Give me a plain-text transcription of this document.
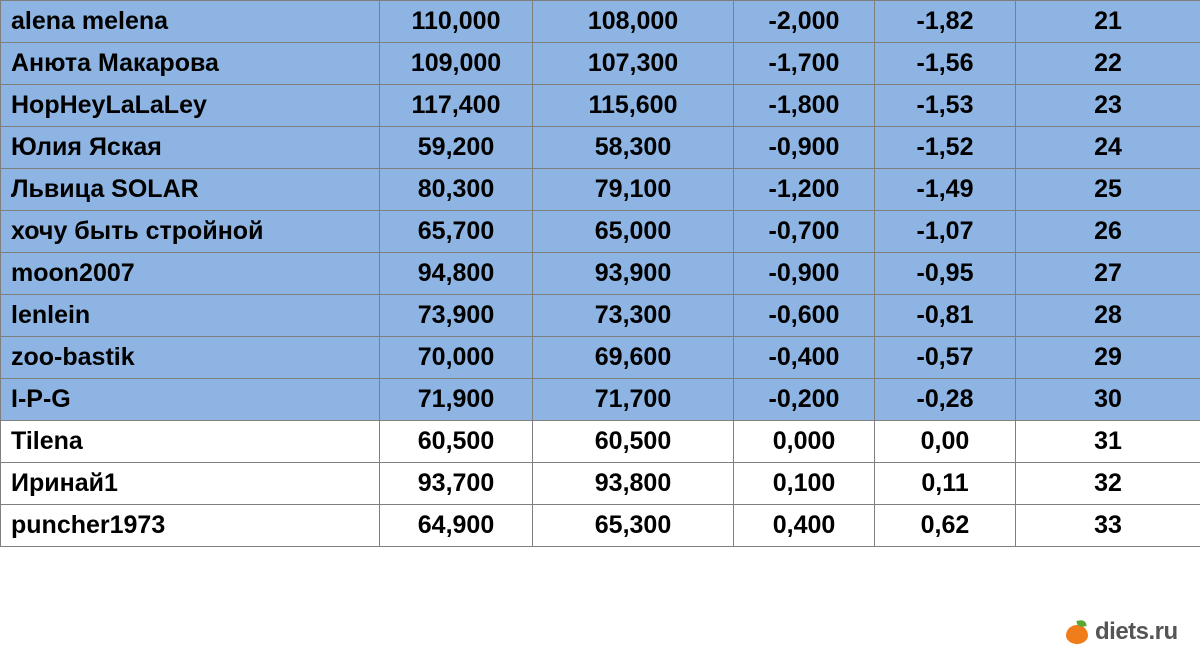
alena melena	110,000	108,000	-2,000	-1,82	21
Анюта Макарова	109,000	107,300	-1,700	-1,56	22
HopHeyLaLaLey	117,400	115,600	-1,800	-1,53	23
Юлия Яская	59,200	58,300	-0,900	-1,52	24
Львица SOLAR	80,300	79,100	-1,200	-1,49	25
хочу быть стройной	65,700	65,000	-0,700	-1,07	26
moon2007	94,800	93,900	-0,900	-0,95	27
lenlein	73,900	73,300	-0,600	-0,81	28
zoo-bastik	70,000	69,600	-0,400	-0,57	29
I-P-G	71,900	71,700	-0,200	-0,28	30
Tilena	60,500	60,500	0,000	0,00	31
Иринай1	93,700	93,800	0,100	0,11	32
puncher1973	64,900	65,300	0,400	0,62	33
diets.ru
